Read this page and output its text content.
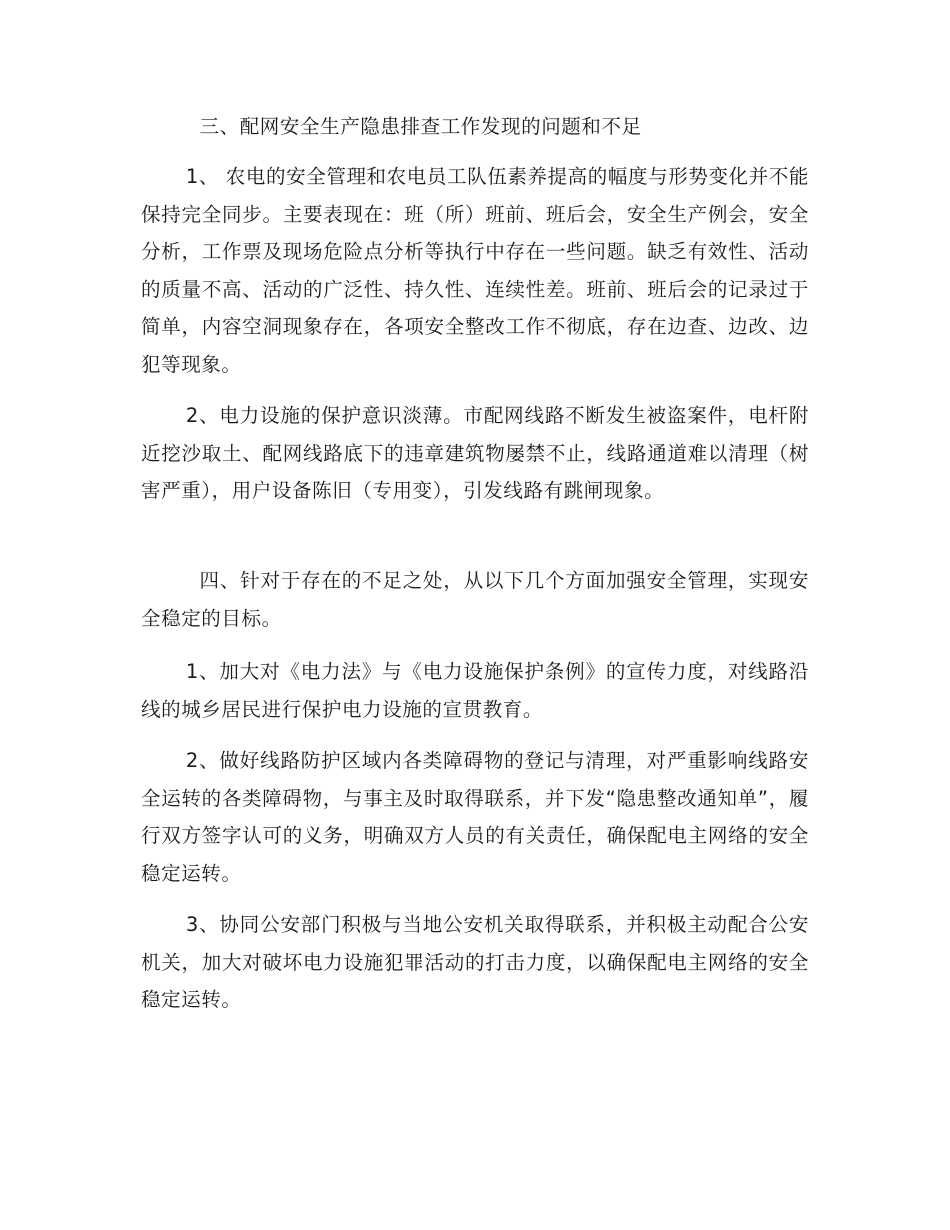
三、配网安全生产隐患排查工作发现的问题和不足

1、 农电的安全管理和农电员工队伍素养提高的幅度与形势变化并不能保持完全同步。主要表现在：班（所）班前、班后会，安全生产例会，安全分析，工作票及现场危险点分析等执行中存在一些问题。缺乏有效性、活动的质量不高、活动的广泛性、持久性、连续性差。班前、班后会的记录过于简单，内容空洞现象存在，各项安全整改工作不彻底，存在边查、边改、边犯等现象。

2、电力设施的保护意识淡薄。市配网线路不断发生被盗案件，电杆附近挖沙取土、配网线路底下的违章建筑物屡禁不止，线路通道难以清理（树害严重），用户设备陈旧（专用变），引发线路有跳闸现象。

四、针对于存在的不足之处，从以下几个方面加强安全管理，实现安全稳定的目标。

1、加大对《电力法》与《电力设施保护条例》的宣传力度，对线路沿线的城乡居民进行保护电力设施的宣贯教育。

2、做好线路防护区域内各类障碍物的登记与清理，对严重影响线路安全运转的各类障碍物，与事主及时取得联系，并下发“隐患整改通知单”，履行双方签字认可的义务，明确双方人员的有关责任，确保配电主网络的安全稳定运转。

3、协同公安部门积极与当地公安机关取得联系，并积极主动配合公安机关，加大对破坏电力设施犯罪活动的打击力度，以确保配电主网络的安全稳定运转。
